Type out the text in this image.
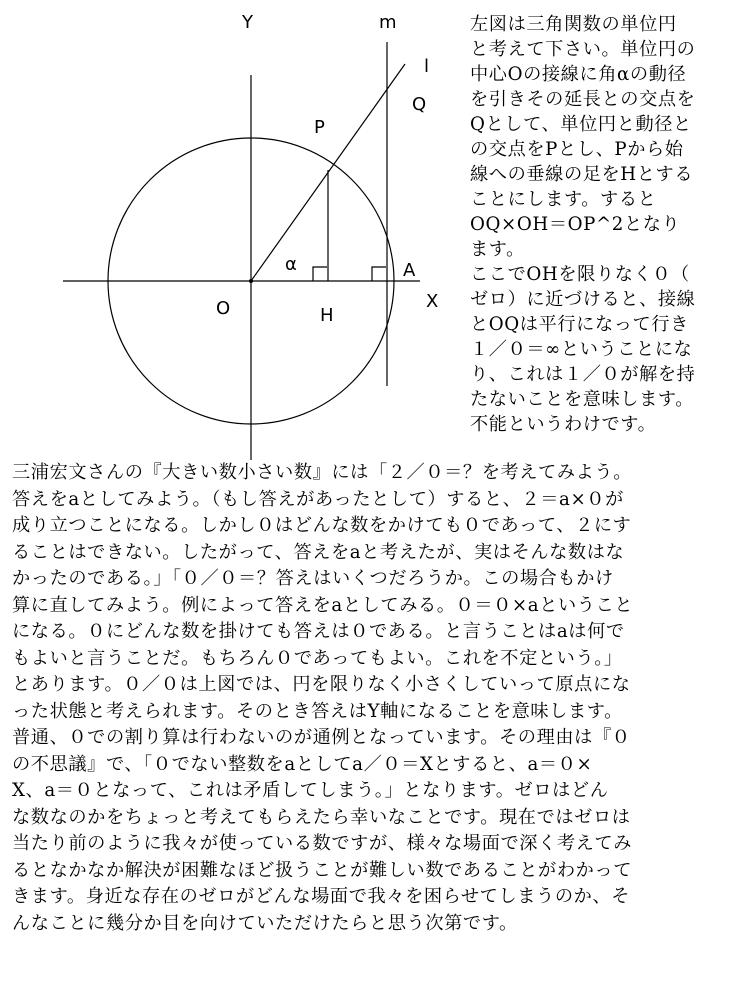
Y
X
m
l
Q
P
α	A
O	H
左図は三角関数の単位円
と考えて下さい。単位円の
中心Oの接線に角αの動径
を引きその延長との交点を
Qとして、単位円と動径と
の交点をPとし、Pから始
線への垂線の足をHとする
ことにします。すると
OQ×OH＝OP^2となり
ます。
ここでOHを限りなく０（
ゼロ）に近づけると、接線
とOQは平行になって行き
１／０＝∞ということにな
り、これは１／０が解を持
たないことを意味します。
不能というわけです。
三浦宏文さんの『大きい数小さい数』には「２／０＝？を考えてみよう。
答えをaとしてみよう。（もし答えがあったとして）すると、２＝a×０が
成り立つことになる。しかし０はどんな数をかけても０であって、２にす
ることはできない。したがって、答えをaと考えたが、実はそんな数はな
かったのである。」「０／０＝？答えはいくつだろうか。この場合もかけ
算に直してみよう。例によって答えをaとしてみる。０＝０×aということ
になる。０にどんな数を掛けても答えは０である。と言うことはaは何で
もよいと言うことだ。もちろん０であってもよい。これを不定という。」
とあります。０／０は上図では、円を限りなく小さくしていって原点にな
った状態と考えられます。そのとき答えはY軸になることを意味します。
普通、０での割り算は行わないのが通例となっています。その理由は『０
の不思議』で、「０でない整数をaとしてa／０＝Xとすると、a＝０×
X、a＝０となって、これは矛盾してしまう。」となります。ゼロはどん
な数なのかをちょっと考えてもらえたら幸いなことです。現在ではゼロは
当たり前のように我々が使っている数ですが、様々な場面で深く考えてみ
るとなかなか解決が困難なほど扱うことが難しい数であることがわかって
きます。身近な存在のゼロがどんな場面で我々を困らせてしまうのか、そ
んなことに幾分か目を向けていただけたらと思う次第です。
